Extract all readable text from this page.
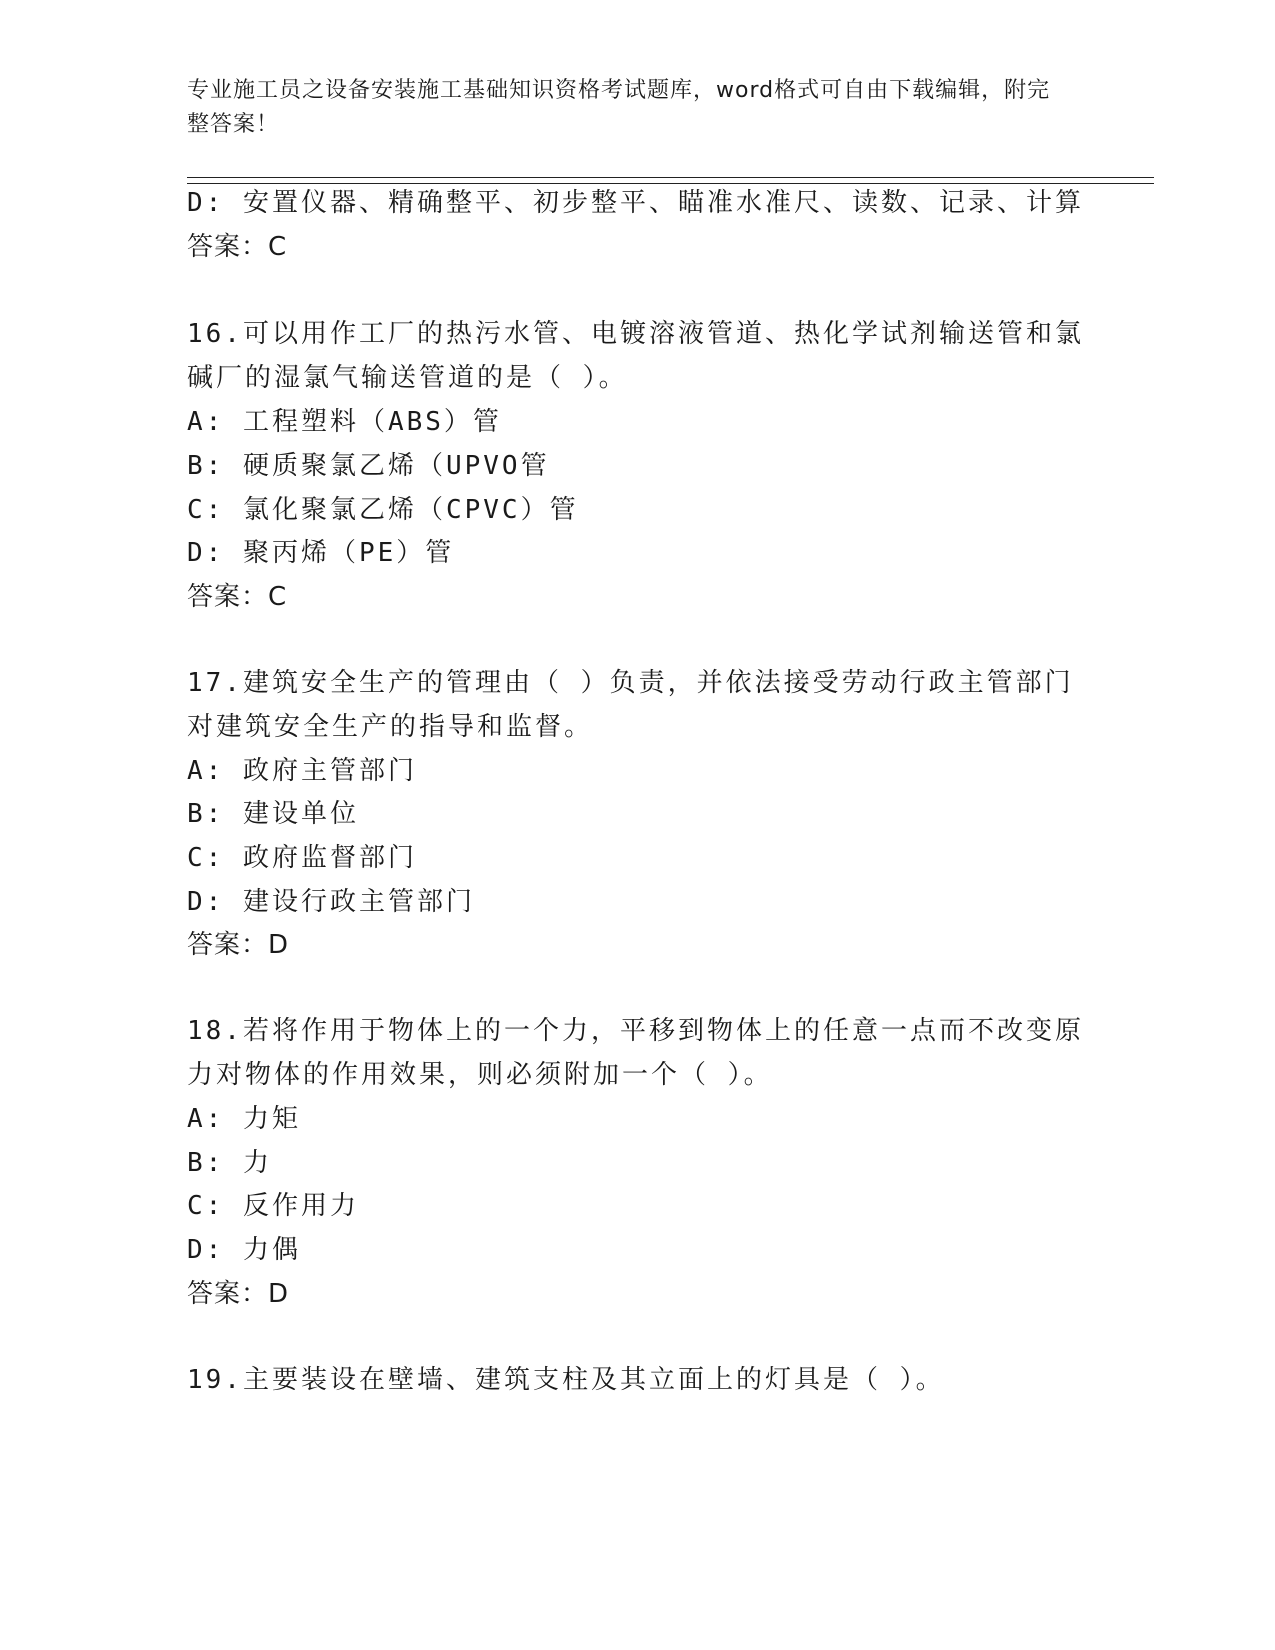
专业施工员之设备安装施工基础知识资格考试题库，word格式可自由下载编辑，附完整答案！
D: 安置仪器、精确整平、初步整平、瞄准水准尺、读数、记录、计算
答案：C
16.可以用作工厂的热污水管、电镀溶液管道、热化学试剂输送管和氯
碱厂的湿氯气输送管道的是（ ）。
A: 工程塑料（ABS）管
B: 硬质聚氯乙烯（UPVO管
C: 氯化聚氯乙烯（CPVC）管
D: 聚丙烯（PE）管
答案：C
17.建筑安全生产的管理由（ ）负责，并依法接受劳动行政主管部门
对建筑安全生产的指导和监督。
A: 政府主管部门
B: 建设单位
C: 政府监督部门
D: 建设行政主管部门
答案：D
18.若将作用于物体上的一个力，平移到物体上的任意一点而不改变原
力对物体的作用效果，则必须附加一个（ ）。
A: 力矩
B: 力
C: 反作用力
D: 力偶
答案：D
19.主要装设在壁墙、建筑支柱及其立面上的灯具是（ ）。
